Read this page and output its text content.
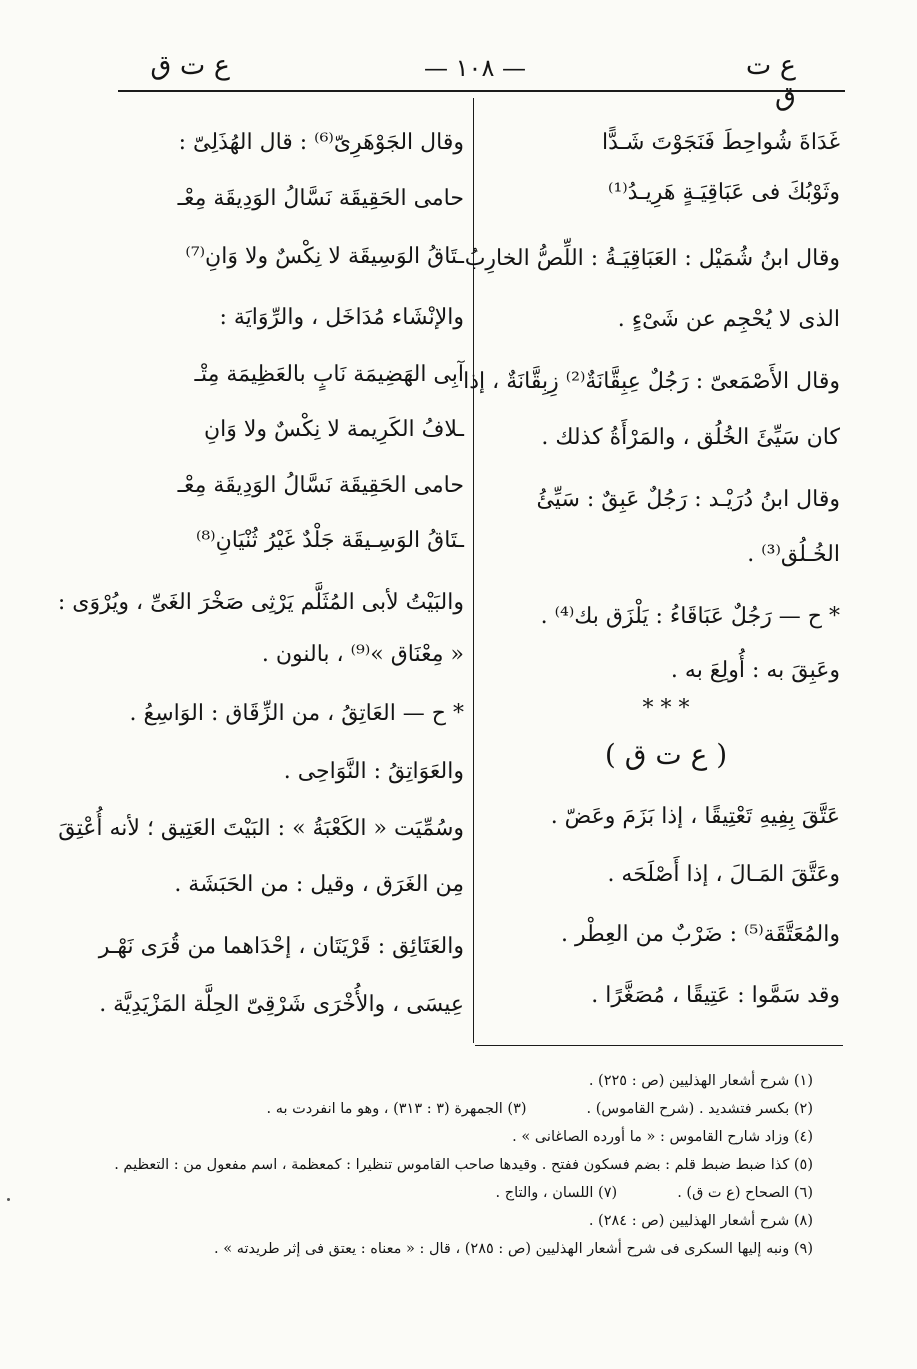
ع ت ق
— ١٠٨ —
ع ت ق
غَدَاةَ شُواحِطَ فَنَجَوْتَ شَـدًّا
وثَوْبُكَ فى عَبَاقِيَـةٍ هَرِيـدُ⁽¹⁾
وقال ابنُ شُمَيْل : العَبَاقِيَـةُ : اللِّصُّ الخارِبُ
الذى لا يُحْجِم عن شَىْءٍ .
وقال الأَصْمَعىّ : رَجُلٌ عِبِقَّانَةٌ⁽²⁾ زِبِقَّانَةٌ ، إذا
كان سَيِّئَ الخُلُق ، والمَرْأَةُ كذلك .
وقال ابنُ دُرَيْـد : رَجُلٌ عَبِقٌ : سَيِّئُ
الخُـلُق⁽³⁾ .
* ح — رَجُلٌ عَبَاقَاءُ : يَلْزَق بك⁽⁴⁾ .
وعَبِقَ به : أُولِعَ به .
* * *
( ع ت ق )
عَتَّقَ بِفِيهِ تَعْتِيقًا ، إذا بَزَمَ وعَضّ .
وعَتَّقَ المَـالَ ، إذا أَصْلَحَه .
والمُعَتَّقَة⁽⁵⁾ : ضَرْبٌ من العِطْر .
وقد سَمَّوا : عَتِيقًا ، مُصَغَّرًا .
وقال الجَوْهَرِىّ⁽⁶⁾ : قال الهُذَلِىّ :
حامى الحَقِيقَة نَسَّالُ الوَدِيقَة مِعْـ
ـتَاقُ الوَسِيقَة لا نِكْسٌ ولا وَانِ⁽⁷⁾
والإنْشَاء مُدَاخَل ، والرِّوَايَة :
آبِى الهَضِيمَة نَابٍ بالعَظِيمَة مِتْـ
ـلافُ الكَرِيمة لا نِكْسٌ ولا وَانِ
حامى الحَقِيقَة نَسَّالُ الوَدِيقَة مِعْـ
ـتَاقُ الوَسِـيقَة جَلْدٌ غَيْرُ ثُنْيَانِ⁽⁸⁾
والبَيْتُ لأبى المُثَلَّم يَرْثِى صَخْرَ الغَىِّ ، ويُرْوَى :
« مِعْنَاق »⁽⁹⁾ ، بالنون .
* ح — العَاتِقُ ، من الزِّقَاق : الوَاسِعُ .
والعَوَاتِقُ : النَّوَاحِى .
وسُمِّيَت « الكَعْبَةُ » : البَيْتَ العَتِيق ؛ لأنه أُعْتِقَ
مِن الغَرَق ، وقيل : من الحَبَشَة .
والعَتَائِق : قَرْيَتَان ، إحْدَاهما من قُرَى نَهْـر
عِيسَى ، والأُخْرَى شَرْقِىّ الحِلَّة المَزْيَدِيَّة .
(١) شرح أشعار الهذليين (ص : ٢٢٥) .
(٢) بكسر فتشديد . (شرح القاموس) .
(٣) الجمهرة (٣ : ٣١٣) ، وهو ما انفردت به .
(٤) وزاد شارح القاموس : « ما أورده الصاغانى » .
(٥) كذا ضبط ضبط قلم : بضم فسكون ففتح . وقيدها صاحب القاموس تنظيرا : كمعظمة ، اسم مفعول من : التعظيم .
(٦) الصحاح (ع ت ق) .
(٧) اللسان ، والتاج .
(٨) شرح أشعار الهذليين (ص : ٢٨٤) .
(٩) ونبه إليها السكرى فى شرح أشعار الهذليين (ص : ٢٨٥) ، قال : « معناه : يعتق فى إثر طريدته » .
